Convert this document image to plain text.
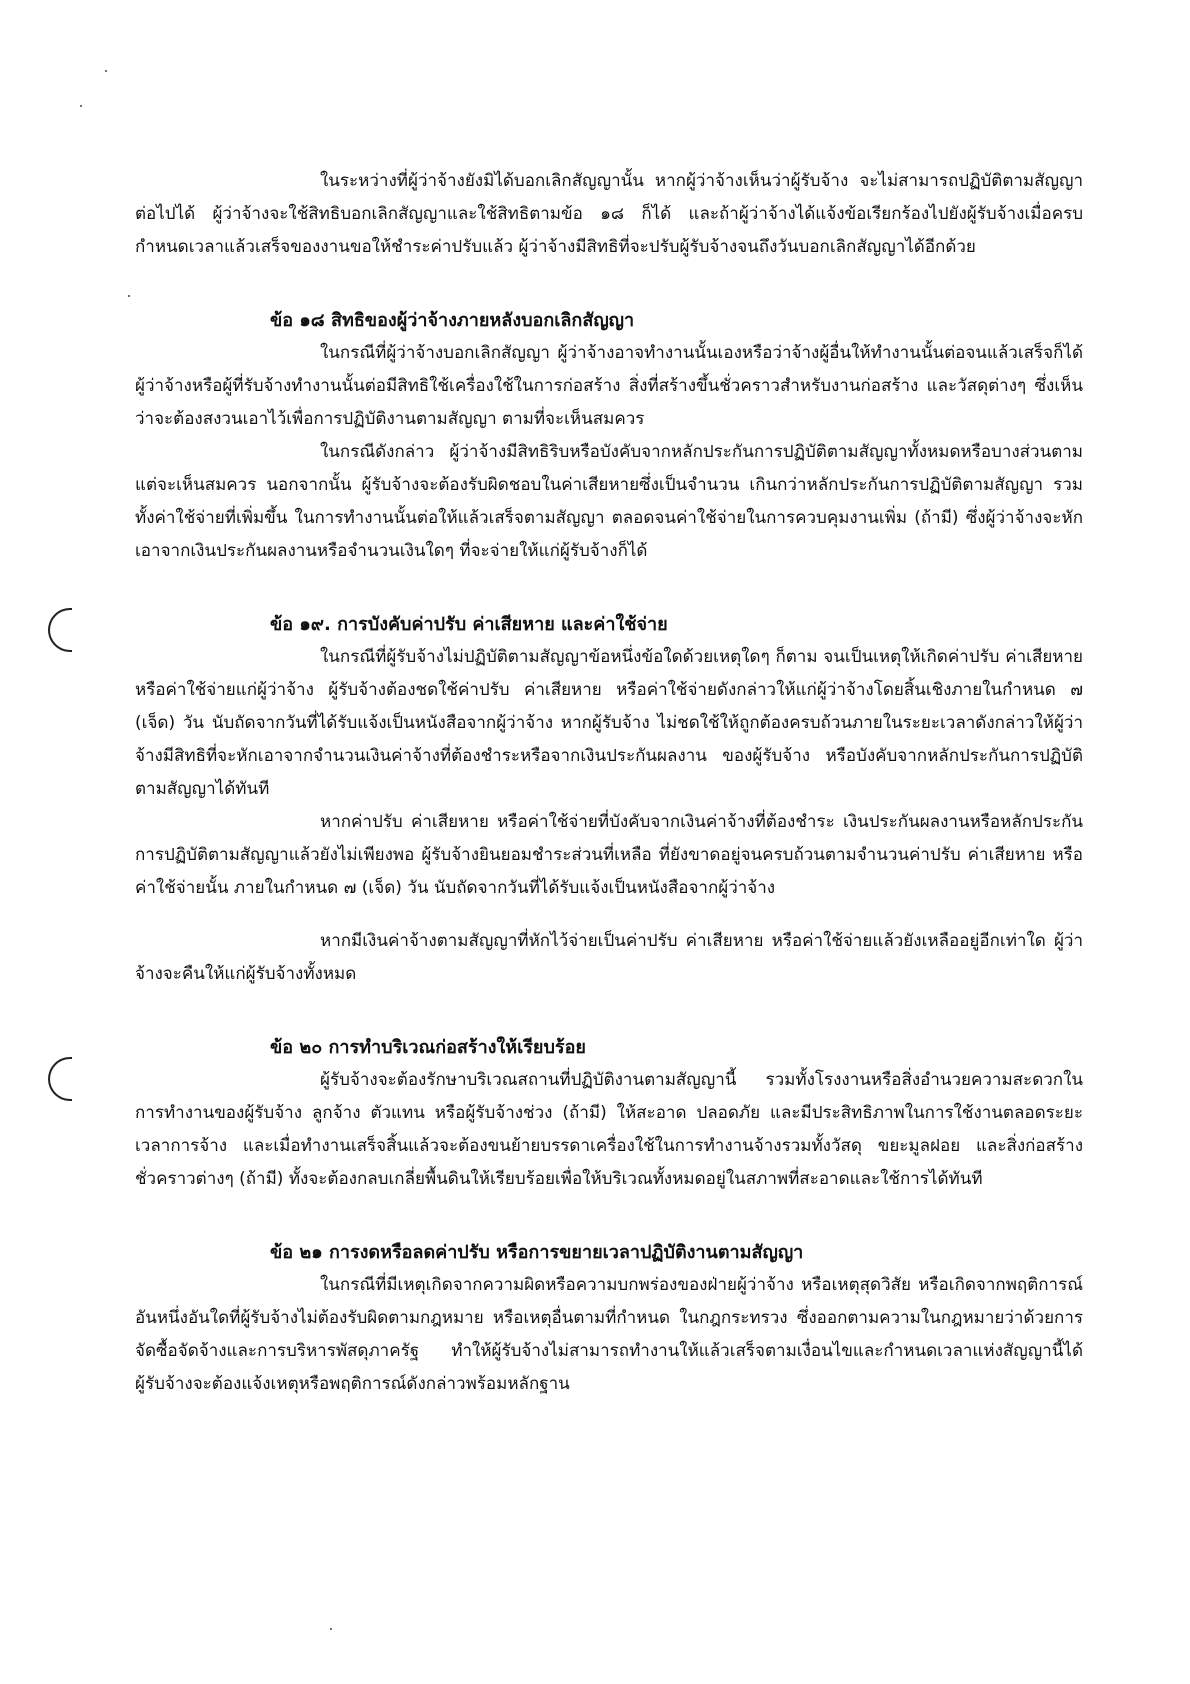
ในระหว่างที่ผู้ว่าจ้างยังมิได้บอกเลิกสัญญานั้น หากผู้ว่าจ้างเห็นว่าผู้รับจ้าง จะไม่สามารถปฏิบัติตามสัญญาต่อไปได้ ผู้ว่าจ้างจะใช้สิทธิบอกเลิกสัญญาและใช้สิทธิตามข้อ ๑๘ ก็ได้ และถ้าผู้ว่าจ้างได้แจ้งข้อเรียกร้องไปยังผู้รับจ้างเมื่อครบกำหนดเวลาแล้วเสร็จของงานขอให้ชำระค่าปรับแล้ว ผู้ว่าจ้างมีสิทธิที่จะปรับผู้รับจ้างจนถึงวันบอกเลิกสัญญาได้อีกด้วย

ข้อ ๑๘ สิทธิของผู้ว่าจ้างภายหลังบอกเลิกสัญญา

ในกรณีที่ผู้ว่าจ้างบอกเลิกสัญญา ผู้ว่าจ้างอาจทำงานนั้นเองหรือว่าจ้างผู้อื่นให้ทำงานนั้นต่อจนแล้วเสร็จก็ได้ ผู้ว่าจ้างหรือผู้ที่รับจ้างทำงานนั้นต่อมีสิทธิใช้เครื่องใช้ในการก่อสร้าง สิ่งที่สร้างขึ้นชั่วคราวสำหรับงานก่อสร้าง และวัสดุต่างๆ ซึ่งเห็นว่าจะต้องสงวนเอาไว้เพื่อการปฏิบัติงานตามสัญญา ตามที่จะเห็นสมควร

ในกรณีดังกล่าว ผู้ว่าจ้างมีสิทธิริบหรือบังคับจากหลักประกันการปฏิบัติตามสัญญาทั้งหมดหรือบางส่วนตามแต่จะเห็นสมควร นอกจากนั้น ผู้รับจ้างจะต้องรับผิดชอบในค่าเสียหายซึ่งเป็นจำนวน เกินกว่าหลักประกันการปฏิบัติตามสัญญา รวมทั้งค่าใช้จ่ายที่เพิ่มขึ้น ในการทำงานนั้นต่อให้แล้วเสร็จตามสัญญา ตลอดจนค่าใช้จ่ายในการควบคุมงานเพิ่ม (ถ้ามี) ซึ่งผู้ว่าจ้างจะหัก เอาจากเงินประกันผลงานหรือจำนวนเงินใดๆ ที่จะจ่ายให้แก่ผู้รับจ้างก็ได้

ข้อ ๑๙. การบังคับค่าปรับ ค่าเสียหาย และค่าใช้จ่าย

ในกรณีที่ผู้รับจ้างไม่ปฏิบัติตามสัญญาข้อหนึ่งข้อใดด้วยเหตุใดๆ ก็ตาม จนเป็นเหตุให้เกิดค่าปรับ ค่าเสียหาย หรือค่าใช้จ่ายแก่ผู้ว่าจ้าง ผู้รับจ้างต้องชดใช้ค่าปรับ ค่าเสียหาย หรือค่าใช้จ่ายดังกล่าวให้แก่ผู้ว่าจ้างโดยสิ้นเชิงภายในกำหนด ๗ (เจ็ด) วัน นับถัดจากวันที่ได้รับแจ้งเป็นหนังสือจากผู้ว่าจ้าง หากผู้รับจ้าง ไม่ชดใช้ให้ถูกต้องครบถ้วนภายในระยะเวลาดังกล่าวให้ผู้ว่าจ้างมีสิทธิที่จะหักเอาจากจำนวนเงินค่าจ้างที่ต้องชำระหรือจากเงินประกันผลงาน ของผู้รับจ้าง หรือบังคับจากหลักประกันการปฏิบัติตามสัญญาได้ทันที

หากค่าปรับ ค่าเสียหาย หรือค่าใช้จ่ายที่บังคับจากเงินค่าจ้างที่ต้องชำระ เงินประกันผลงานหรือหลักประกันการปฏิบัติตามสัญญาแล้วยังไม่เพียงพอ ผู้รับจ้างยินยอมชำระส่วนที่เหลือ ที่ยังขาดอยู่จนครบถ้วนตามจำนวนค่าปรับ ค่าเสียหาย หรือค่าใช้จ่ายนั้น ภายในกำหนด ๗ (เจ็ด) วัน นับถัดจากวันที่ได้รับแจ้งเป็นหนังสือจากผู้ว่าจ้าง

หากมีเงินค่าจ้างตามสัญญาที่หักไว้จ่ายเป็นค่าปรับ ค่าเสียหาย หรือค่าใช้จ่ายแล้วยังเหลืออยู่อีกเท่าใด ผู้ว่าจ้างจะคืนให้แก่ผู้รับจ้างทั้งหมด

ข้อ ๒๐ การทำบริเวณก่อสร้างให้เรียบร้อย

ผู้รับจ้างจะต้องรักษาบริเวณสถานที่ปฏิบัติงานตามสัญญานี้ รวมทั้งโรงงานหรือสิ่งอำนวยความสะดวกในการทำงานของผู้รับจ้าง ลูกจ้าง ตัวแทน หรือผู้รับจ้างช่วง (ถ้ามี) ให้สะอาด ปลอดภัย และมีประสิทธิภาพในการใช้งานตลอดระยะเวลาการจ้าง และเมื่อทำงานเสร็จสิ้นแล้วจะต้องขนย้ายบรรดาเครื่องใช้ในการทำงานจ้างรวมทั้งวัสดุ ขยะมูลฝอย และสิ่งก่อสร้างชั่วคราวต่างๆ (ถ้ามี) ทั้งจะต้องกลบเกลี่ยพื้นดินให้เรียบร้อยเพื่อให้บริเวณทั้งหมดอยู่ในสภาพที่สะอาดและใช้การได้ทันที

ข้อ ๒๑ การงดหรือลดค่าปรับ หรือการขยายเวลาปฏิบัติงานตามสัญญา

ในกรณีที่มีเหตุเกิดจากความผิดหรือความบกพร่องของฝ่ายผู้ว่าจ้าง หรือเหตุสุดวิสัย หรือเกิดจากพฤติการณ์อันหนึ่งอันใดที่ผู้รับจ้างไม่ต้องรับผิดตามกฎหมาย หรือเหตุอื่นตามที่กำหนด ในกฎกระทรวง ซึ่งออกตามความในกฎหมายว่าด้วยการจัดซื้อจัดจ้างและการบริหารพัสดุภาครัฐ ทำให้ผู้รับจ้างไม่สามารถทำงานให้แล้วเสร็จตามเงื่อนไขและกำหนดเวลาแห่งสัญญานี้ได้ ผู้รับจ้างจะต้องแจ้งเหตุหรือพฤติการณ์ดังกล่าวพร้อมหลักฐาน
